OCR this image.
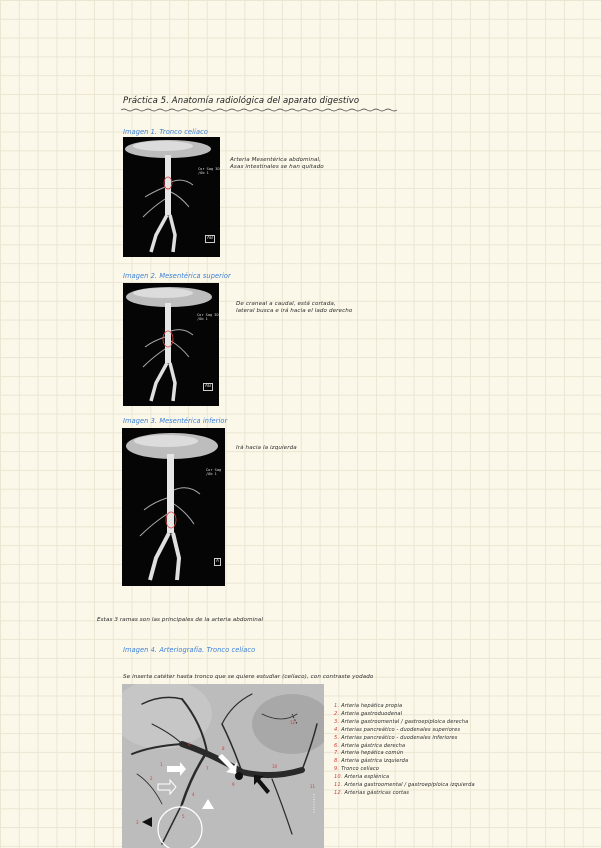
Práctica 5. Anatomía radiológica del aparato digestivo
Imagen 1. Tronco celíaco
Cor Sag 3D
/Ob 1
AB
Arteria Mesentérica abdominal,
Asas intestinales se han quitado
Imagen 2. Mesentérica superior
Cor Sag 3D
/Ob 1
AB
De craneal a caudal, está cortada,
lateral busca e irá hacia el lado derecho
Imagen 3. Mesentérica inferior
Cor Sag
/Ob 1
A
Irá hacia la izquierda
Estas 3 ramas son las principales de la arteria abdominal
Imagen 4. Arteriografía. Tronco celíaco
Se inserta catéter hasta tronco que se quiere estudiar (celíaco), con contraste yodado
1
2
3
4
5
6
7
8
9
10
11
12
1. Arteria hepática propia
2. Arteria gastroduodenal
3. Arteria gastroomental / gastroepiploica derecha
4. Arterias pancreático - duodenales superiores
5. Arterias pancreático - duodenales inferiores
6. Arteria gástrica derecha
7. Arteria hepática común
8. Arteria gástrica izquierda
9. Tronco celíaco
10. Arteria esplénica
11. Arteria gastroomental / gastroepiploica izquierda
12. Arterias gástricas cortas
